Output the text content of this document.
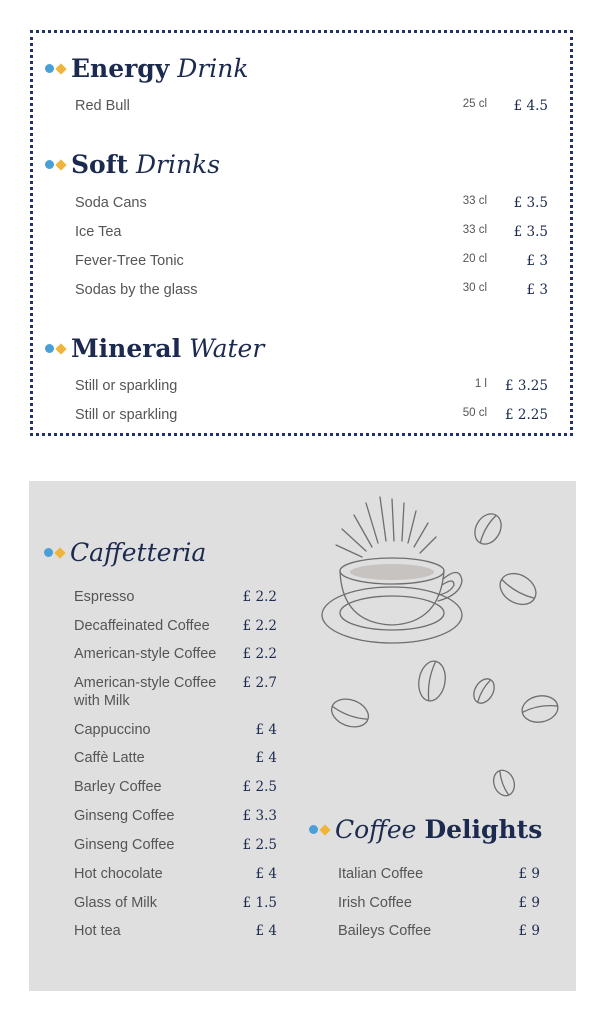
Energy Drink
Red Bull	25 cl £ 4.5
Soft Drinks
Soda Cans	33 cl £ 3.5
Ice Tea	33 cl £ 3.5
Fever-Tree Tonic	20 cl	£ 3
Sodas by the glass	30 cl	£ 3
Mineral Water
Still or sparkling	1 l £ 3.25
Still or sparkling	50 cl £ 2.25
Caffetteria
Espresso	£ 2.2
Decaffeinated Coffee £ 2.2
American-style Coffee £ 2.2
American-style Coffee
with Milk
£ 2.7
Cappuccino	£ 4
Caffè Latte	£ 4
Barley Coffee	£ 2.5
Ginseng Coffee	£ 3.3
Ginseng Coffee	£ 2.5
Hot chocolate	£ 4
Glass of Milk	£ 1.5
Hot tea	£ 4
Coffee Delights
Italian Coffee	£ 9
Irish Coffee	£ 9
Baileys Coffee	£ 9
